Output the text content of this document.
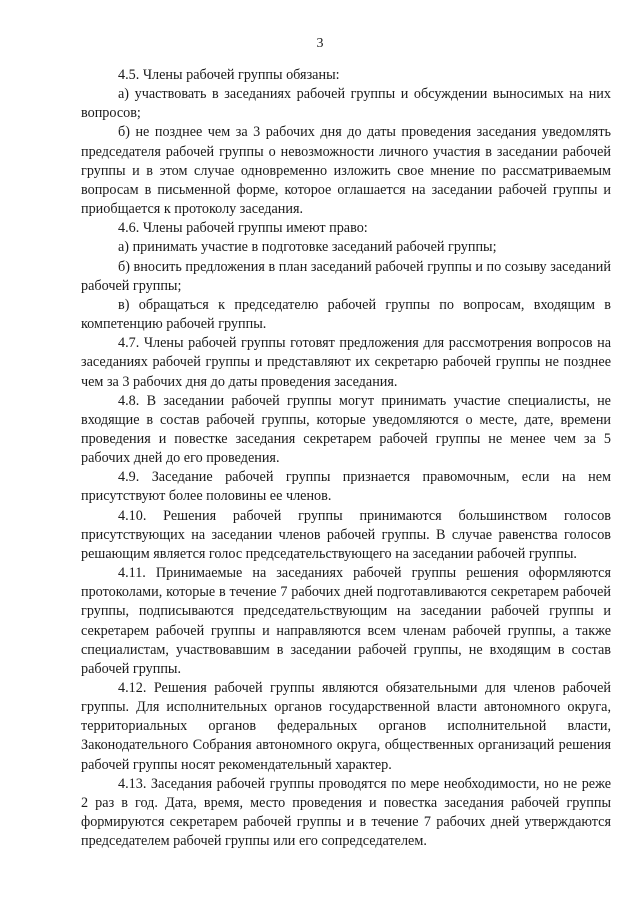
3

4.5. Члены рабочей группы обязаны:

а) участвовать в заседаниях рабочей группы и обсуждении выносимых на них вопросов;

б) не позднее чем за 3 рабочих дня до даты проведения заседания уведомлять председателя рабочей группы о невозможности личного участия в заседании рабочей группы и в этом случае одновременно изложить свое мнение по рассматриваемым вопросам в письменной форме, которое оглашается на заседании рабочей группы и приобщается к протоколу заседания.

4.6. Члены рабочей группы имеют право:

а) принимать участие в подготовке заседаний рабочей группы;

б) вносить предложения в план заседаний рабочей группы и по созыву заседаний рабочей группы;

в) обращаться к председателю рабочей группы по вопросам, входящим в компетенцию рабочей группы.

4.7. Члены рабочей группы готовят предложения для рассмотрения вопросов на заседаниях рабочей группы и представляют их секретарю рабочей группы не позднее чем за 3 рабочих дня до даты проведения заседания.

4.8. В заседании рабочей группы могут принимать участие специалисты, не входящие в состав рабочей группы, которые уведомляются о месте, дате, времени проведения и повестке заседания секретарем рабочей группы не менее чем за 5 рабочих дней до его проведения.

4.9. Заседание рабочей группы признается правомочным, если на нем присутствуют более половины ее членов.

4.10. Решения рабочей группы принимаются большинством голосов присутствующих на заседании членов рабочей группы. В случае равенства голосов решающим является голос председательствующего на заседании рабочей группы.

4.11. Принимаемые на заседаниях рабочей группы решения оформляются протоколами, которые в течение 7 рабочих дней подготавливаются секретарем рабочей группы, подписываются председательствующим на заседании рабочей группы и секретарем рабочей группы и направляются всем членам рабочей группы, а также специалистам, участвовавшим в заседании рабочей группы, не входящим в состав рабочей группы.

4.12. Решения рабочей группы являются обязательными для членов рабочей группы. Для исполнительных органов государственной власти автономного округа, территориальных органов федеральных органов исполнительной власти, Законодательного Собрания автономного округа, общественных организаций решения рабочей группы носят рекомендательный характер.

4.13. Заседания рабочей группы проводятся по мере необходимости, но не реже 2 раз в год. Дата, время, место проведения и повестка заседания рабочей группы формируются секретарем рабочей группы и в течение 7 рабочих дней утверждаются председателем рабочей группы или его сопредседателем.
